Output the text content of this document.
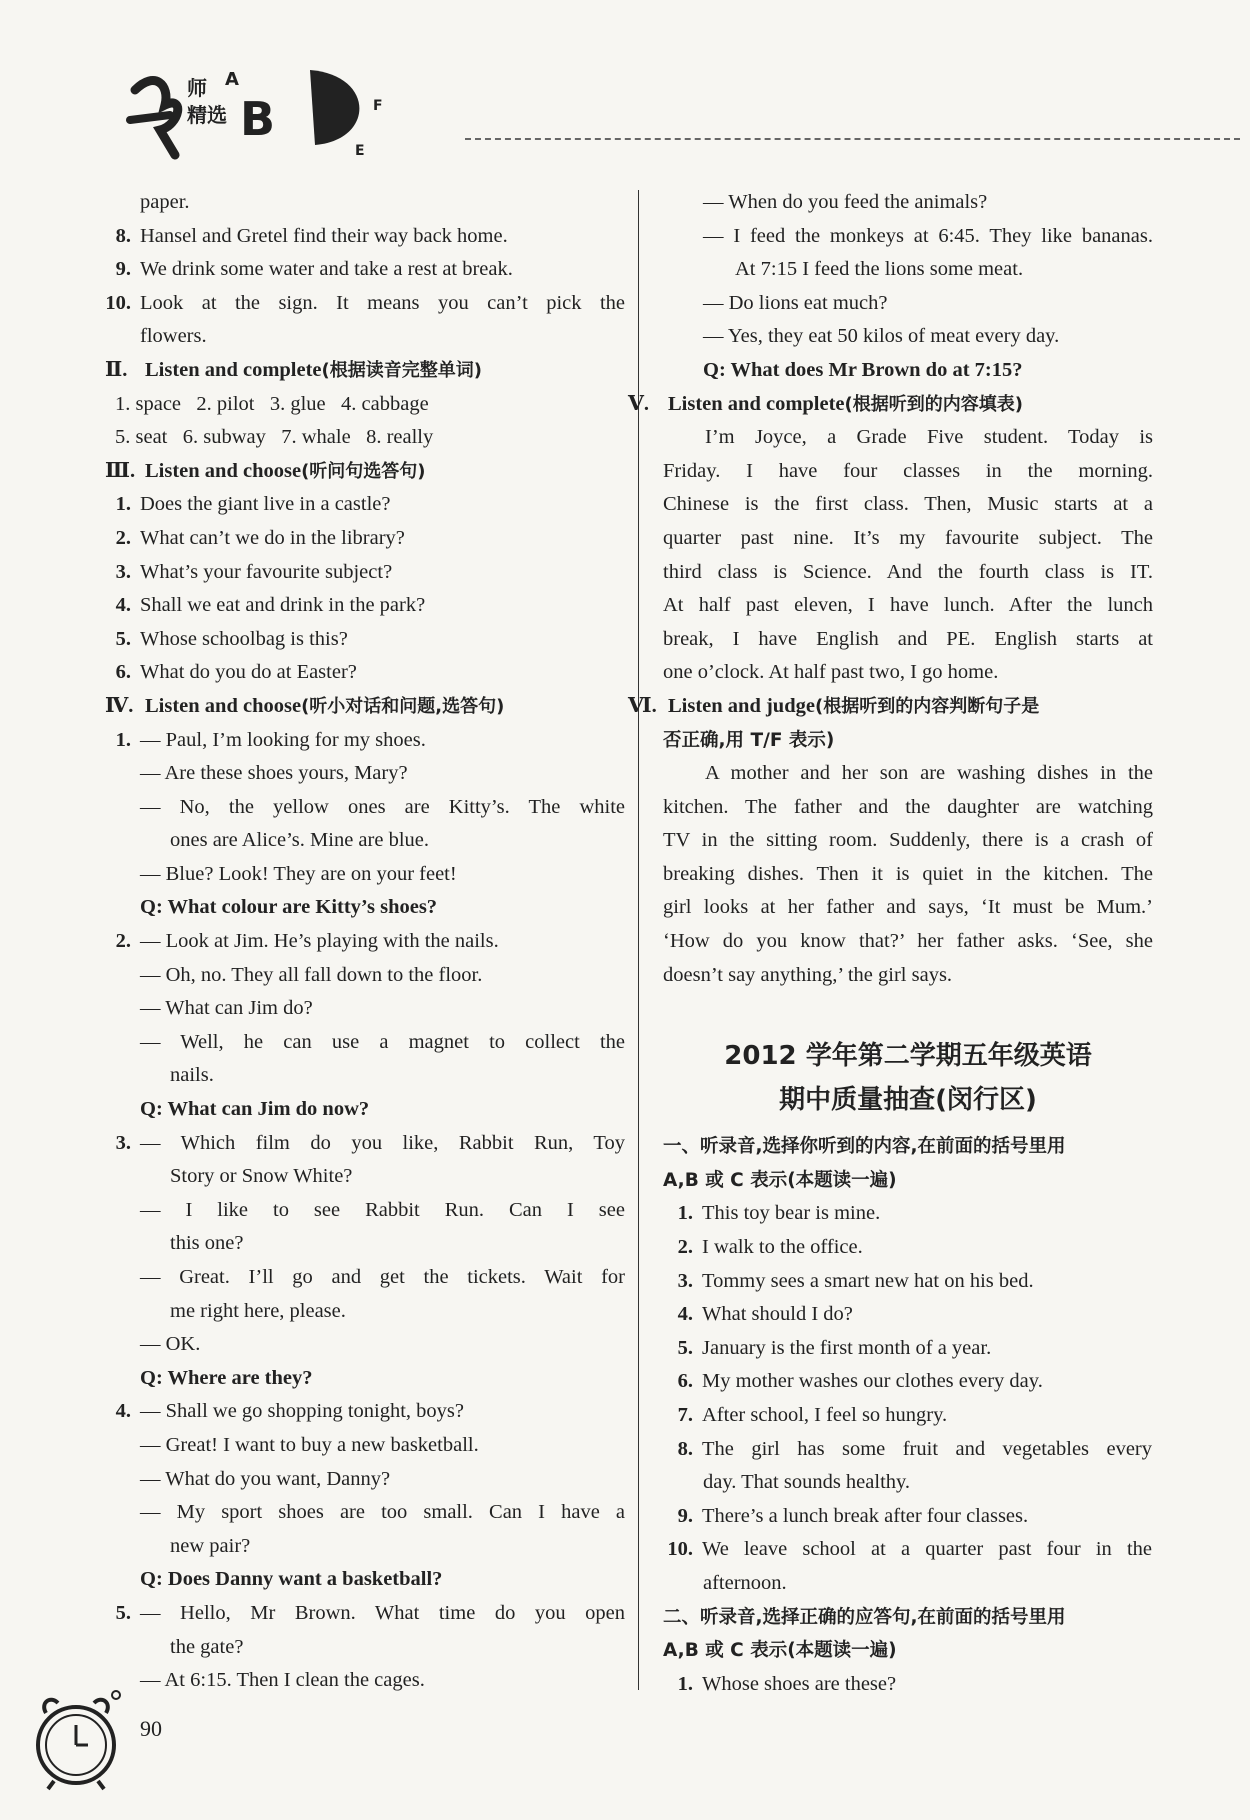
师
精选
A
B	F
E
paper.
8. Hansel and Gretel find their way back home.
9. We drink some water and take a rest at break.
10. Look at the sign. It means you can’t pick the
flowers.
Ⅱ. Listen and complete(根据读音完整单词)
1. space   2. pilot   3. glue   4. cabbage
5. seat   6. subway   7. whale   8. really
Ⅲ. Listen and choose(听问句选答句)
1. Does the giant live in a castle?
2. What can’t we do in the library?
3. What’s your favourite subject?
4. Shall we eat and drink in the park?
5. Whose schoolbag is this?
6. What do you do at Easter?
Ⅳ. Listen and choose(听小对话和问题,选答句)
1. — Paul, I’m looking for my shoes.
— Are these shoes yours, Mary?
— No, the yellow ones are Kitty’s. The white
ones are Alice’s. Mine are blue.
— Blue? Look! They are on your feet!
Q: What colour are Kitty’s shoes?
2. — Look at Jim. He’s playing with the nails.
— Oh, no. They all fall down to the floor.
— What can Jim do?
— Well, he can use a magnet to collect the
nails.
Q: What can Jim do now?
3. — Which film do you like, Rabbit Run, Toy
Story or Snow White?
— I like to see Rabbit Run. Can I see
this one?
— Great. I’ll go and get the tickets. Wait for
me right here, please.
— OK.
Q: Where are they?
4. — Shall we go shopping tonight, boys?
— Great! I want to buy a new basketball.
— What do you want, Danny?
— My sport shoes are too small. Can I have a
new pair?
Q: Does Danny want a basketball?
5. — Hello, Mr Brown. What time do you open
the gate?
— At 6:15. Then I clean the cages.
— When do you feed the animals?
— I feed the monkeys at 6:45. They like bananas.
At 7:15 I feed the lions some meat.
— Do lions eat much?
— Yes, they eat 50 kilos of meat every day.
Q: What does Mr Brown do at 7:15?
Ⅴ. Listen and complete(根据听到的内容填表)
I’m Joyce, a Grade Five student. Today is
Friday. I have four classes in the morning.
Chinese is the first class. Then, Music starts at a
quarter past nine. It’s my favourite subject. The
third class is Science. And the fourth class is IT.
At half past eleven, I have lunch. After the lunch
break, I have English and PE. English starts at
one o’clock. At half past two, I go home.
Ⅵ. Listen and judge(根据听到的内容判断句子是
否正确,用 T/F 表示)
A mother and her son are washing dishes in the
kitchen. The father and the daughter are watching
TV in the sitting room. Suddenly, there is a crash of
breaking dishes. Then it is quiet in the kitchen. The
girl looks at her father and says, ‘It must be Mum.’
‘How do you know that?’ her father asks. ‘See, she
doesn’t say anything,’ the girl says.
2012 学年第二学期五年级英语
期中质量抽查(闵行区)
一、听录音,选择你听到的内容,在前面的括号里用
A,B 或 C 表示(本题读一遍)
1. This toy bear is mine.
2. I walk to the office.
3. Tommy sees a smart new hat on his bed.
4. What should I do?
5. January is the first month of a year.
6. My mother washes our clothes every day.
7. After school, I feel so hungry.
8. The girl has some fruit and vegetables every
day. That sounds healthy.
9. There’s a lunch break after four classes.
10. We leave school at a quarter past four in the
afternoon.
二、听录音,选择正确的应答句,在前面的括号里用
A,B 或 C 表示(本题读一遍)
1. Whose shoes are these?
90
